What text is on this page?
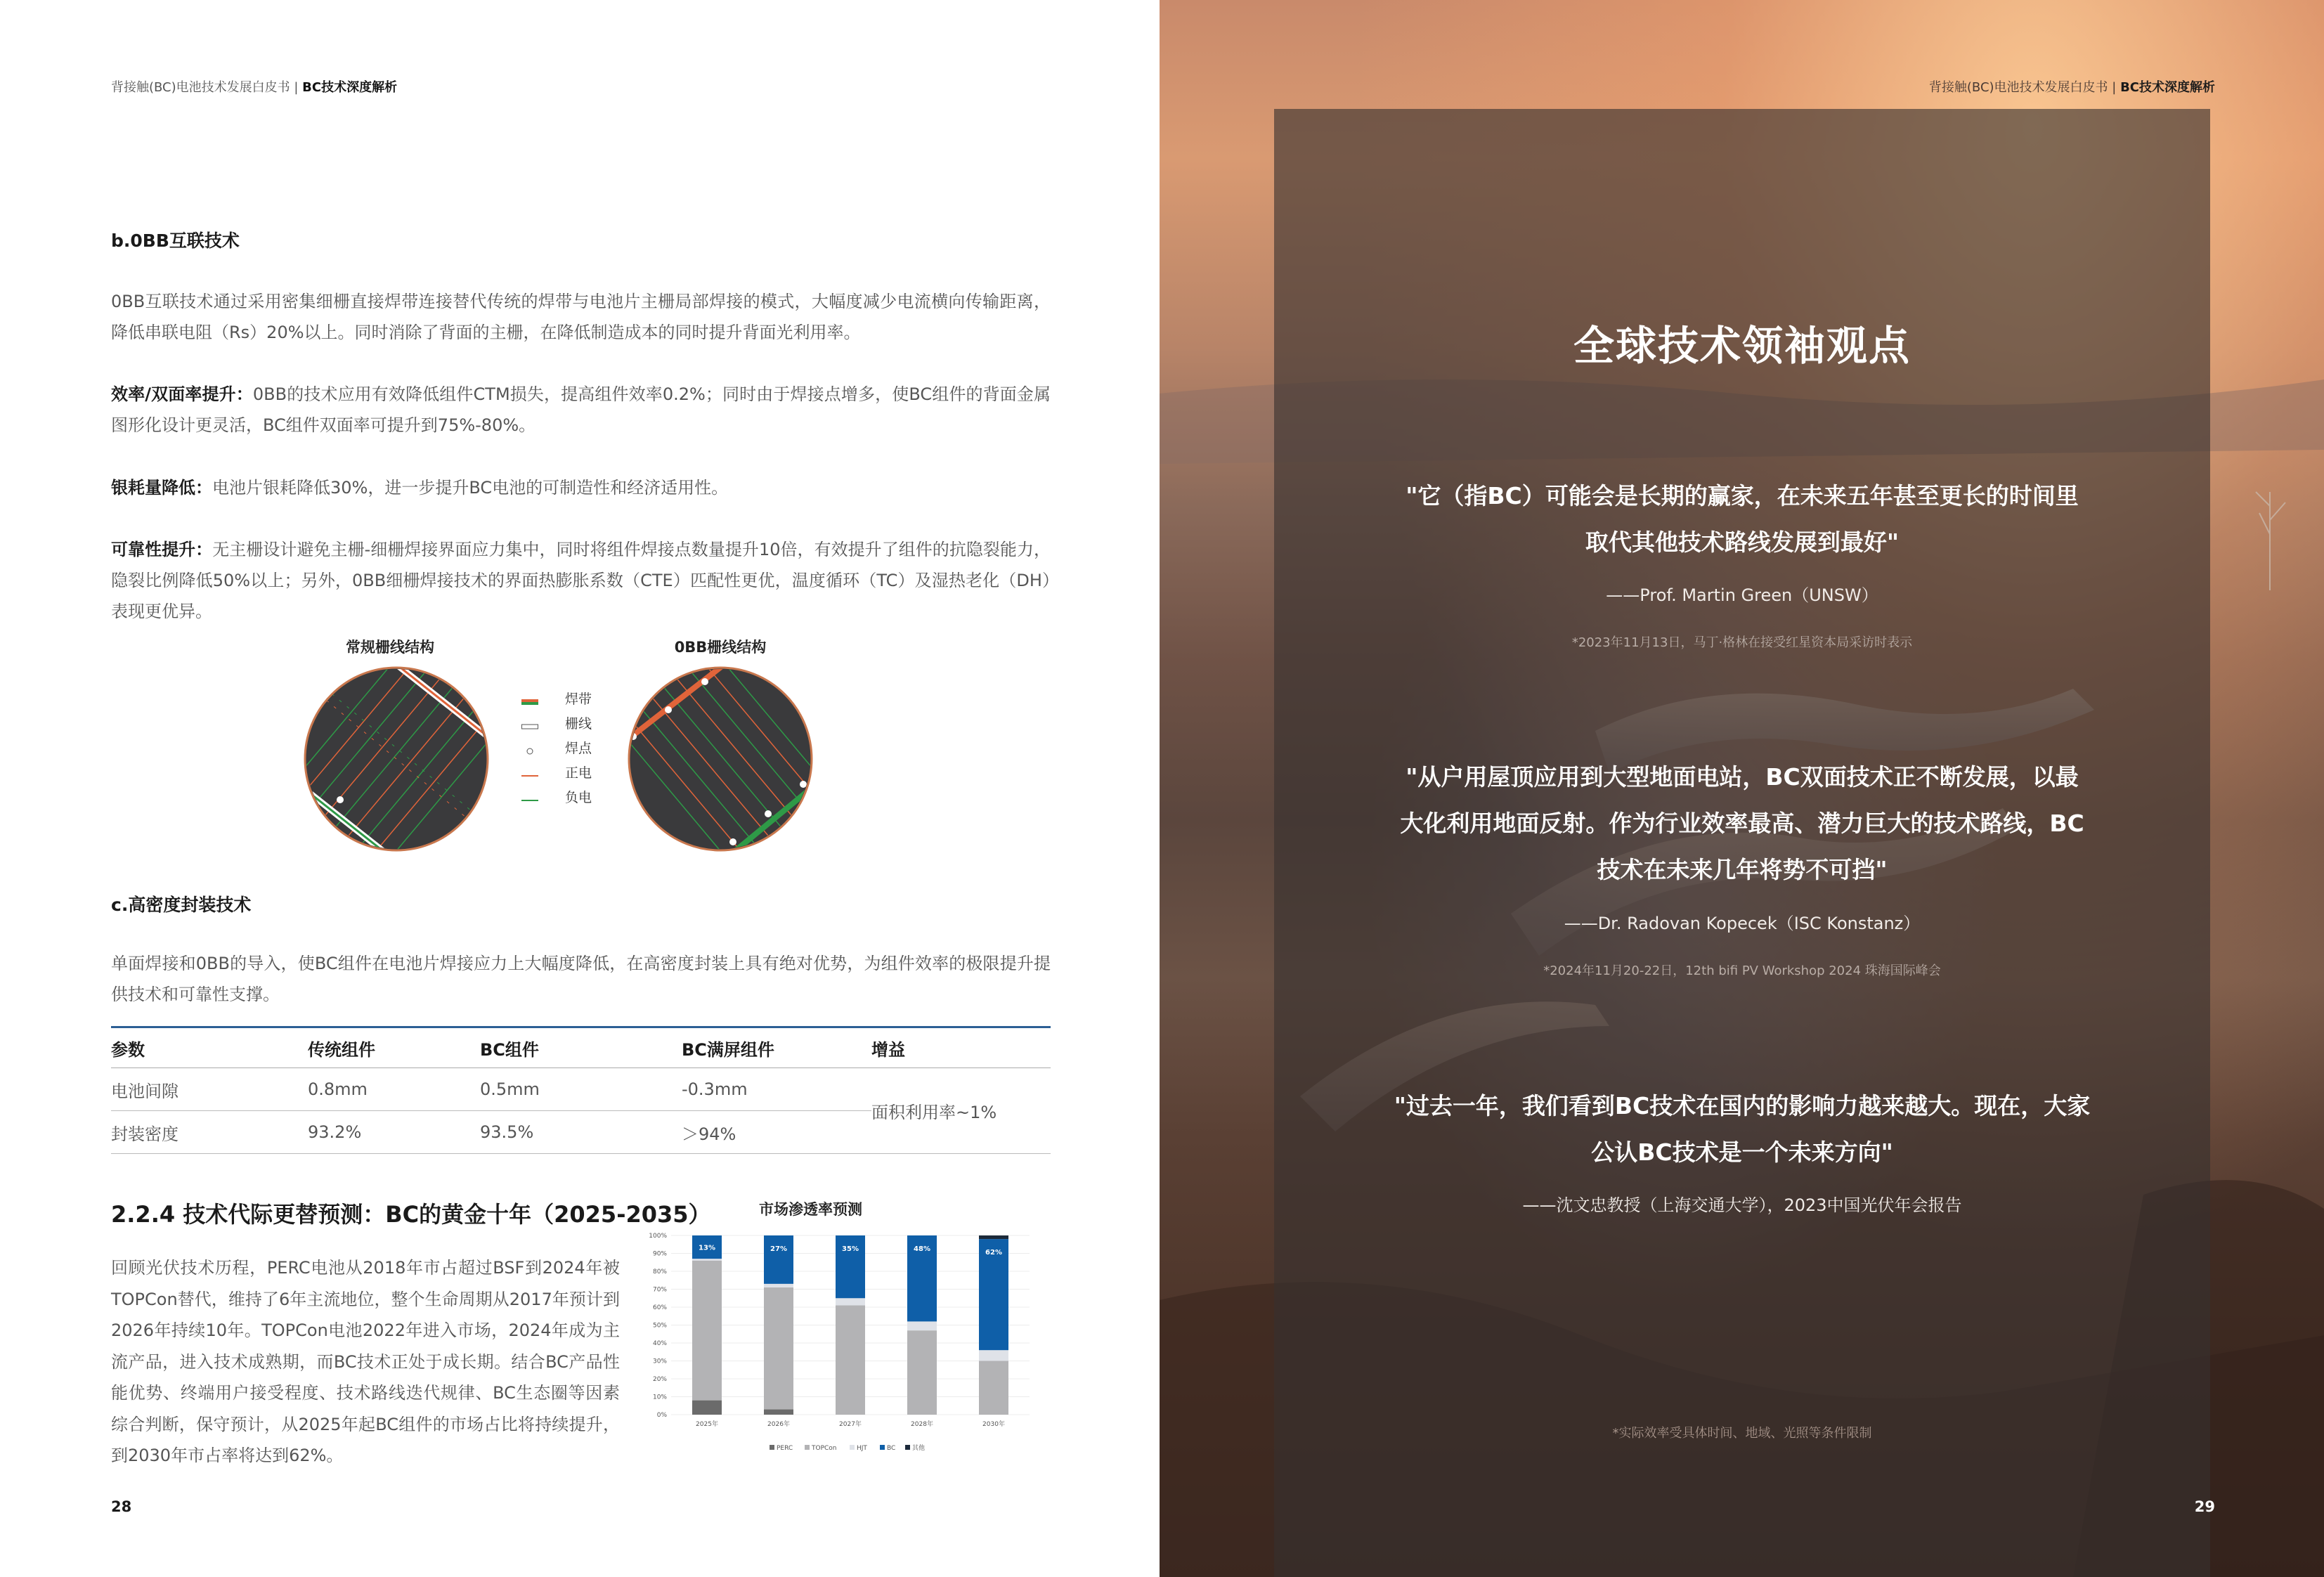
背接触(BC)电池技术发展白皮书 | BC技术深度解析
b.0BB互联技术
0BB互联技术通过采用密集细栅直接焊带连接替代传统的焊带与电池片主栅局部焊接的模式，大幅度减少电流横向传输距离，降低串联电阻（Rs）20%以上。同时消除了背面的主栅，在降低制造成本的同时提升背面光利用率。
效率/双面率提升：0BB的技术应用有效降低组件CTM损失，提高组件效率0.2%；同时由于焊接点增多，使BC组件的背面金属图形化设计更灵活，BC组件双面率可提升到75%-80%。
银耗量降低：电池片银耗降低30%，进一步提升BC电池的可制造性和经济适用性。
可靠性提升：无主栅设计避免主栅-细栅焊接界面应力集中，同时将组件焊接点数量提升10倍，有效提升了组件的抗隐裂能力，隐裂比例降低50%以上；另外，0BB细栅焊接技术的界面热膨胀系数（CTE）匹配性更优，温度循环（TC）及湿热老化（DH）表现更优异。
常规栅线结构	0BB栅线结构
焊带
栅线
焊点
正电
负电
c.高密度封装技术
单面焊接和0BB的导入，使BC组件在电池片焊接应力上大幅度降低，在高密度封装上具有绝对优势，为组件效率的极限提升提供技术和可靠性支撑。
参数	传统组件	BC组件	BC满屏组件	增益
电池间隙	0.8mm	0.5mm	-0.3mm	面积利用率~1%
封装密度	93.2%	93.5%	＞94%	
2.2.4 技术代际更替预测：BC的黄金十年（2025-2035）
回顾光伏技术历程，PERC电池从2018年市占超过BSF到2024年被TOPCon替代，维持了6年主流地位，整个生命周期从2017年预计到2026年持续10年。TOPCon电池2022年进入市场，2024年成为主流产品，进入技术成熟期，而BC技术正处于成长期。结合BC产品性能优势、终端用户接受程度、技术路线迭代规律、BC生态圈等因素综合判断，保守预计，从2025年起BC组件的市场占比将持续提升，到2030年市占率将达到62%。
市场渗透率预测
0%
10%
20%
30%
40%
50%
60%
70%
80%
90%
100%
13%
2025年
27%
2026年
35%
2027年
48%
2028年
62%
2030年
PERC	TOPCon	HJT	BC	其他
28
背接触(BC)电池技术发展白皮书 | BC技术深度解析
全球技术领袖观点
"它（指BC）可能会是长期的赢家，在未来五年甚至更长的时间里
取代其他技术路线发展到最好"
——Prof. Martin Green（UNSW）
*2023年11月13日，马丁·格林在接受红星资本局采访时表示
"从户用屋顶应用到大型地面电站，BC双面技术正不断发展，以最
大化利用地面反射。作为行业效率最高、潜力巨大的技术路线，BC
技术在未来几年将势不可挡"
——Dr. Radovan Kopecek（ISC Konstanz）
*2024年11月20-22日，12th bifi PV Workshop 2024 珠海国际峰会
"过去一年，我们看到BC技术在国内的影响力越来越大。现在，大家
公认BC技术是一个未来方向"
——沈文忠教授（上海交通大学），2023中国光伏年会报告
*实际效率受具体时间、地域、光照等条件限制
29
